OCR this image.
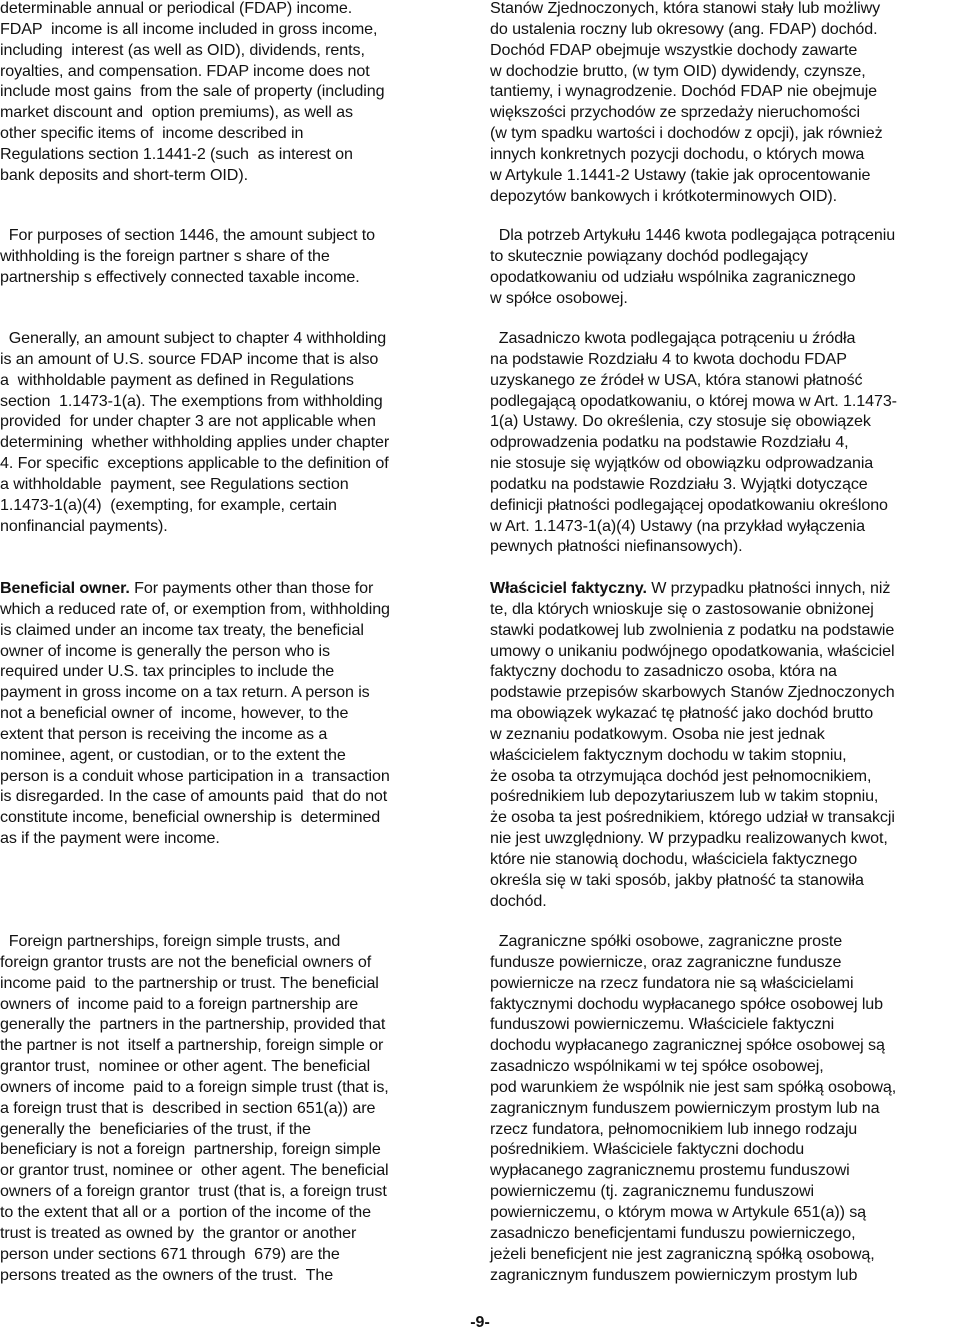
determinable annual or periodical (FDAP) income.
FDAP  income is all income included in gross income,
including  interest (as well as OID), dividends, rents,
royalties, and compensation. FDAP income does not
include most gains  from the sale of property (including
market discount and  option premiums), as well as
other specific items of  income described in
Regulations section 1.1441-2 (such  as interest on
bank deposits and short-term OID).
For purposes of section 1446, the amount subject to
withholding is the foreign partner s share of the
partnership s effectively connected taxable income.
Generally, an amount subject to chapter 4 withholding
is an amount of U.S. source FDAP income that is also
a  withholdable payment as defined in Regulations
section  1.1473-1(a). The exemptions from withholding
provided  for under chapter 3 are not applicable when
determining  whether withholding applies under chapter
4. For specific  exceptions applicable to the definition of
a withholdable  payment, see Regulations section
1.1473-1(a)(4)  (exempting, for example, certain
nonfinancial payments).
Beneficial owner. For payments other than those for
which a reduced rate of, or exemption from, withholding
is claimed under an income tax treaty, the beneficial
owner of income is generally the person who is
required under U.S. tax principles to include the
payment in gross income on a tax return. A person is
not a beneficial owner of  income, however, to the
extent that person is receiving the income as a
nominee, agent, or custodian, or to the extent the
person is a conduit whose participation in a  transaction
is disregarded. In the case of amounts paid  that do not
constitute income, beneficial ownership is  determined
as if the payment were income.
Foreign partnerships, foreign simple trusts, and
foreign grantor trusts are not the beneficial owners of
income paid  to the partnership or trust. The beneficial
owners of  income paid to a foreign partnership are
generally the  partners in the partnership, provided that
the partner is not  itself a partnership, foreign simple or
grantor trust,  nominee or other agent. The beneficial
owners of income  paid to a foreign simple trust (that is,
a foreign trust that is  described in section 651(a)) are
generally the  beneficiaries of the trust, if the
beneficiary is not a foreign  partnership, foreign simple
or grantor trust, nominee or  other agent. The beneficial
owners of a foreign grantor  trust (that is, a foreign trust
to the extent that all or a  portion of the income of the
trust is treated as owned by  the grantor or another
person under sections 671 through  679) are the
persons treated as the owners of the trust.  The
Stanów Zjednoczonych, która stanowi stały lub możliwy
do ustalenia roczny lub okresowy (ang. FDAP) dochód.
Dochód FDAP obejmuje wszystkie dochody zawarte
w dochodzie brutto, (w tym OID) dywidendy, czynsze,
tantiemy, i wynagrodzenie. Dochód FDAP nie obejmuje
większości przychodów ze sprzedaży nieruchomości
(w tym spadku wartości i dochodów z opcji), jak również
innych konkretnych pozycji dochodu, o których mowa
w Artykule 1.1441-2 Ustawy (takie jak oprocentowanie
depozytów bankowych i krótkoterminowych OID).
Dla potrzeb Artykułu 1446 kwota podlegająca potrąceniu
to skutecznie powiązany dochód podlegający
opodatkowaniu od udziału wspólnika zagranicznego
w spółce osobowej.
Zasadniczo kwota podlegająca potrąceniu u źródła
na podstawie Rozdziału 4 to kwota dochodu FDAP
uzyskanego ze źródeł w USA, która stanowi płatność
podlegającą opodatkowaniu, o której mowa w Art. 1.1473-
1(a) Ustawy. Do określenia, czy stosuje się obowiązek
odprowadzenia podatku na podstawie Rozdziału 4,
nie stosuje się wyjątków od obowiązku odprowadzania
podatku na podstawie Rozdziału 3. Wyjątki dotyczące
definicji płatności podlegającej opodatkowaniu określono
w Art. 1.1473-1(a)(4) Ustawy (na przykład wyłączenia
pewnych płatności niefinansowych).
Właściciel faktyczny. W przypadku płatności innych, niż
te, dla których wnioskuje się o zastosowanie obniżonej
stawki podatkowej lub zwolnienia z podatku na podstawie
umowy o unikaniu podwójnego opodatkowania, właściciel
faktyczny dochodu to zasadniczo osoba, która na
podstawie przepisów skarbowych Stanów Zjednoczonych
ma obowiązek wykazać tę płatność jako dochód brutto
w zeznaniu podatkowym. Osoba nie jest jednak
właścicielem faktycznym dochodu w takim stopniu,
że osoba ta otrzymująca dochód jest pełnomocnikiem,
pośrednikiem lub depozytariuszem lub w takim stopniu,
że osoba ta jest pośrednikiem, którego udział w transakcji
nie jest uwzględniony. W przypadku realizowanych kwot,
które nie stanowią dochodu, właściciela faktycznego
określa się w taki sposób, jakby płatność ta stanowiła
dochód.
Zagraniczne spółki osobowe, zagraniczne proste
fundusze powiernicze, oraz zagraniczne fundusze
powiernicze na rzecz fundatora nie są właścicielami
faktycznymi dochodu wypłacanego spółce osobowej lub
funduszowi powierniczemu. Właściciele faktyczni
dochodu wypłacanego zagranicznej spółce osobowej są
zasadniczo wspólnikami w tej spółce osobowej,
pod warunkiem że wspólnik nie jest sam spółką osobową,
zagranicznym funduszem powierniczym prostym lub na
rzecz fundatora, pełnomocnikiem lub innego rodzaju
pośrednikiem. Właściciele faktyczni dochodu
wypłacanego zagranicznemu prostemu funduszowi
powierniczemu (tj. zagranicznemu funduszowi
powierniczemu, o którym mowa w Artykule 651(a)) są
zasadniczo beneficjentami funduszu powierniczego,
jeżeli beneficjent nie jest zagraniczną spółką osobową,
zagranicznym funduszem powierniczym prostym lub
-9-
